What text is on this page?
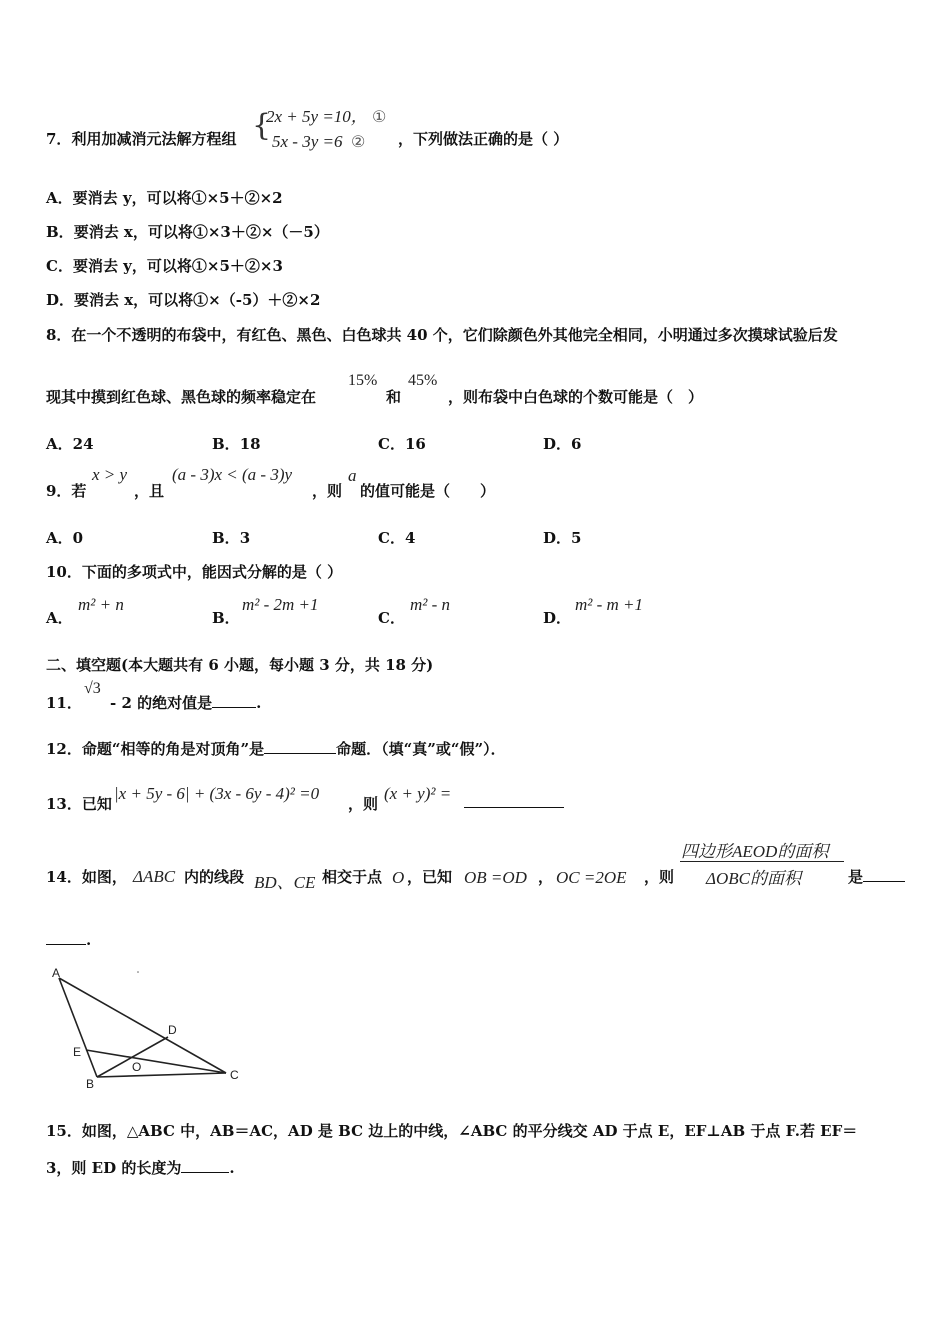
7．利用加减消元法解方程组 {
2x + 5y =10， ①
5x - 3y =6 ② ，下列做法正确的是（ ）
A．要消去 y，可以将①×5＋②×2
B．要消去 x，可以将①×3＋②×（－5）
C．要消去 y，可以将①×5＋②×3
D．要消去 x，可以将①×（-5）＋②×2
8．在一个不透明的布袋中，有红色、黑色、白色球共 40 个，它们除颜色外其他完全相同，小明通过多次摸球试验后发
现其中摸到红色球、黑色球的频率稳定在
15%
和
45%
，则布袋中白色球的个数可能是（　）
A．24	B．18	C．16	D．6
9．若
x > y
，且
(a - 3)x < (a - 3)y
，则
a
的值可能是（　　）
A．0	B．3	C．4	D．5
10．下面的多项式中，能因式分解的是（ ）
A．
m² + n
B．
m² - 2m +1
C．
m² - n
D．
m² - m +1
二、填空题(本大题共有 6 小题，每小题 3 分，共 18 分)
11．
√3
- 2 的绝对值是	.
12．命题“相等的角是对顶角”是	命题．（填“真”或“假”）．
13．已知
|x + 5y - 6| + (3x - 6y - 4)² =0
，则
(x + y)² =
14．如图， ΔABC 内的线段 BD、CE 相交于点 O ，已知 OB =OD ， OC =2OE ，则
四边形AEOD的面积
ΔOBC的面积	是
.
A
B
C
D
E
O
15．如图，△ABC 中，AB＝AC，AD 是 BC 边上的中线，∠ABC 的平分线交 AD 于点 E，EF⊥AB 于点 F.若 EF＝
3，则 ED 的长度为	.
